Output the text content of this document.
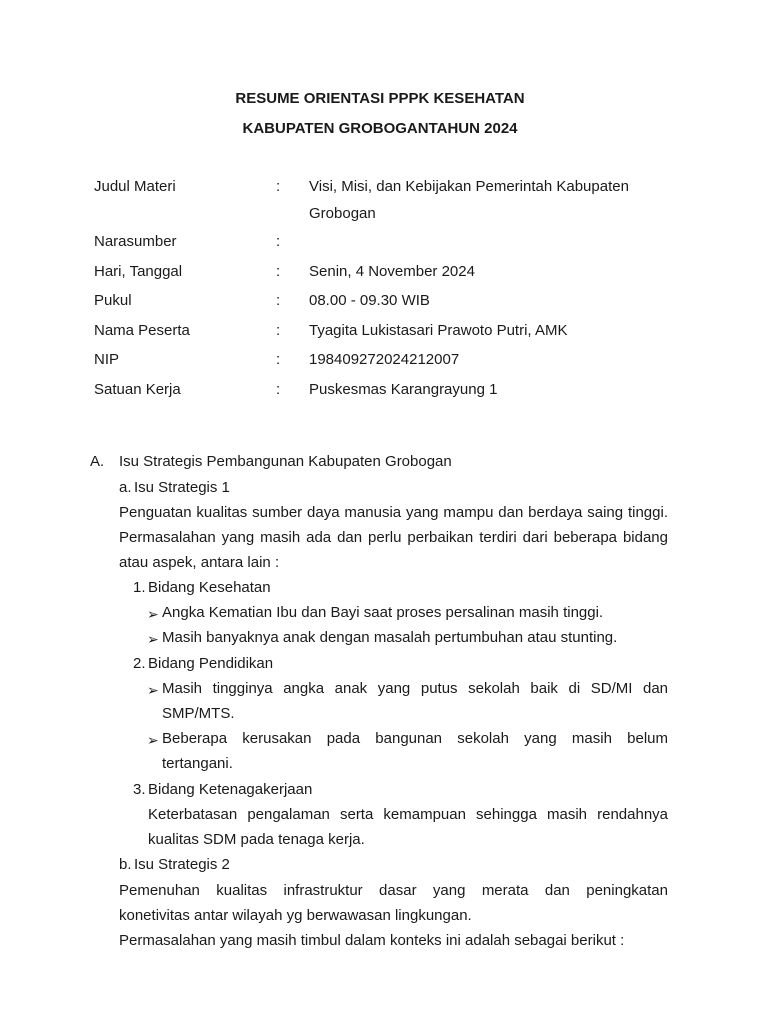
RESUME ORIENTASI PPPK KESEHATAN
KABUPATEN GROBOGANTAHUN 2024
Judul Materi	: Visi, Misi, dan Kebijakan Pemerintah Kabupaten
Grobogan
Narasumber	:
Hari, Tanggal	: Senin, 4 November 2024
Pukul	: 08.00 - 09.30 WIB
Nama Peserta	: Tyagita Lukistasari Prawoto Putri, AMK
NIP	: 198409272024212007
Satuan Kerja	: Puskesmas Karangrayung 1
A. Isu Strategis Pembangunan Kabupaten Grobogan
a. Isu Strategis 1
Penguatan kualitas sumber daya manusia yang mampu dan berdaya saing tinggi.
Permasalahan yang masih ada dan perlu perbaikan terdiri dari beberapa bidang
atau aspek, antara lain :
1. Bidang Kesehatan
➢ Angka Kematian Ibu dan Bayi saat proses persalinan masih tinggi.
➢ Masih banyaknya anak dengan masalah pertumbuhan atau stunting.
2. Bidang Pendidikan
➢ Masih tingginya angka anak yang putus sekolah baik di SD/MI dan
SMP/MTS.
➢ Beberapa kerusakan pada bangunan sekolah yang masih belum
tertangani.
3. Bidang Ketenagakerjaan
Keterbatasan pengalaman serta kemampuan sehingga masih rendahnya
kualitas SDM pada tenaga kerja.
b. Isu Strategis 2
Pemenuhan kualitas infrastruktur dasar yang merata dan peningkatan
konetivitas antar wilayah yg berwawasan lingkungan.
Permasalahan yang masih timbul dalam konteks ini adalah sebagai berikut :
